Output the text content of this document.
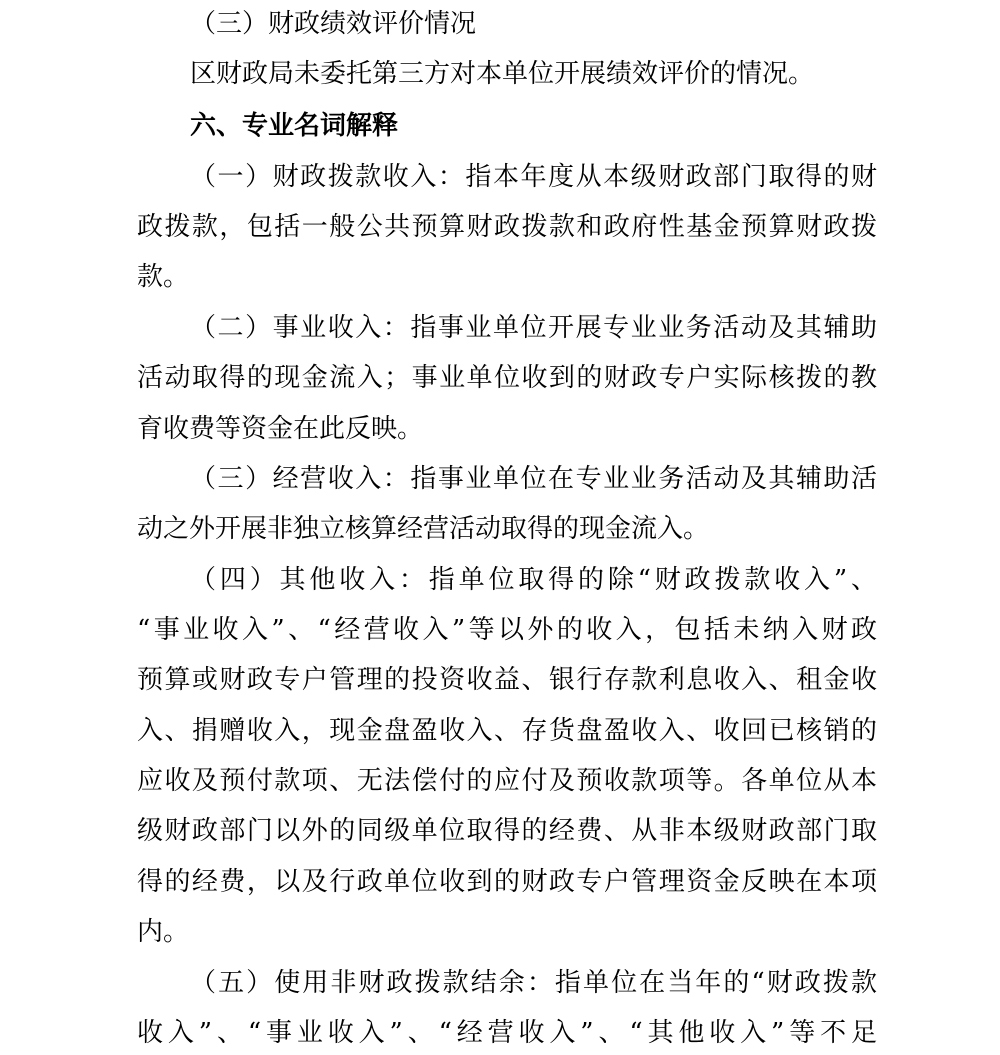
（三）财政绩效评价情况
区财政局未委托第三方对本单位开展绩效评价的情况。
六、专业名词解释
（一）财政拨款收入：指本年度从本级财政部门取得的财
政拨款，包括一般公共预算财政拨款和政府性基金预算财政拨
款。
（二）事业收入：指事业单位开展专业业务活动及其辅助
活动取得的现金流入；事业单位收到的财政专户实际核拨的教
育收费等资金在此反映。
（三）经营收入：指事业单位在专业业务活动及其辅助活
动之外开展非独立核算经营活动取得的现金流入。
（四）其他收入：指单位取得的除“财政拨款收入”、
“事业收入”、“经营收入”等以外的收入，包括未纳入财政
预算或财政专户管理的投资收益、银行存款利息收入、租金收
入、捐赠收入，现金盘盈收入、存货盘盈收入、收回已核销的
应收及预付款项、无法偿付的应付及预收款项等。各单位从本
级财政部门以外的同级单位取得的经费、从非本级财政部门取
得的经费，以及行政单位收到的财政专户管理资金反映在本项
内。
（五）使用非财政拨款结余：指单位在当年的“财政拨款
收入”、“事业收入”、“经营收入”、“其他收入”等不足
